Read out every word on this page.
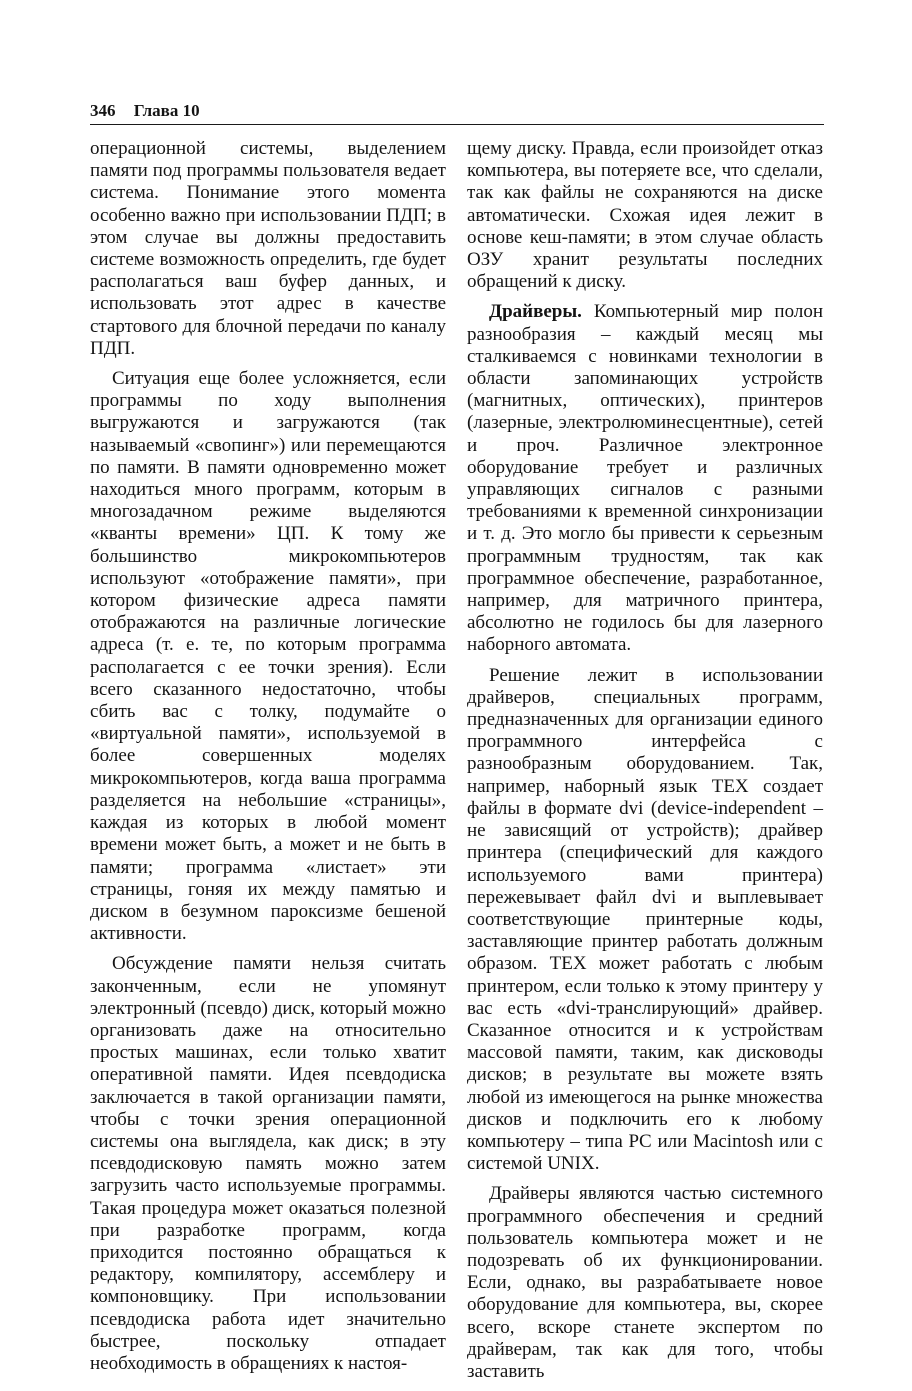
346 Глава 10

операционной системы, выделением памяти под программы пользователя ведает система. Понимание этого момента особенно важно при использовании ПДП; в этом случае вы должны предоставить системе возможность определить, где будет располагаться ваш буфер данных, и использовать этот адрес в качестве стартового для блочной передачи по каналу ПДП.

Ситуация еще более усложняется, если программы по ходу выполнения выгружаются и загружаются (так называемый «свопинг») или перемещаются по памяти. В памяти одновременно может находиться много программ, которым в многозадачном режиме выделяются «кванты времени» ЦП. К тому же большинство микрокомпьютеров используют «отображение памяти», при котором физические адреса памяти отображаются на различные логические адреса (т. е. те, по которым программа располагается с ее точки зрения). Если всего сказанного недостаточно, чтобы сбить вас с толку, подумайте о «виртуальной памяти», используемой в более совершенных моделях микрокомпьютеров, когда ваша программа разделяется на небольшие «страницы», каждая из которых в любой момент времени может быть, а может и не быть в памяти; программа «листает» эти страницы, гоняя их между памятью и диском в безумном пароксизме бешеной активности.

Обсуждение памяти нельзя считать законченным, если не упомянут электронный (псевдо) диск, который можно организовать даже на относительно простых машинах, если только хватит оперативной памяти. Идея псевдодиска заключается в такой организации памяти, чтобы с точки зрения операционной системы она выглядела, как диск; в эту псевдодисковую память можно затем загрузить часто используемые программы. Такая процедура может оказаться полезной при разработке программ, когда приходится постоянно обращаться к редактору, компилятору, ассемблеру и компоновщику. При использовании псевдодиска работа идет значительно быстрее, поскольку отпадает необходимость в обращениях к настоя-

щему диску. Правда, если произойдет отказ компьютера, вы потеряете все, что сделали, так как файлы не сохраняются на диске автоматически. Схожая идея лежит в основе кеш-памяти; в этом случае область ОЗУ хранит результаты последних обращений к диску.

Драйверы. Компьютерный мир полон разнообразия – каждый месяц мы сталкиваемся с новинками технологии в области запоминающих устройств (магнитных, оптических), принтеров (лазерные, электролюминесцентные), сетей и проч. Различное электронное оборудование требует и различных управляющих сигналов с разными требованиями к временной синхронизации и т. д. Это могло бы привести к серьезным программным трудностям, так как программное обеспечение, разработанное, например, для матричного принтера, абсолютно не годилось бы для лазерного наборного автомата.

Решение лежит в использовании драйверов, специальных программ, предназначенных для организации единого программного интерфейса с разнообразным оборудованием. Так, например, наборный язык TEX создает файлы в формате dvi (device-independent – не зависящий от устройств); драйвер принтера (специфический для каждого используемого вами принтера) пережевывает файл dvi и выплевывает соответствующие принтерные коды, заставляющие принтер работать должным образом. TEX может работать с любым принтером, если только к этому принтеру у вас есть «dvi-транслирующий» драйвер. Сказанное относится и к устройствам массовой памяти, таким, как дисководы дисков; в результате вы можете взять любой из имеющегося на рынке множества дисков и подключить его к любому компьютеру – типа PC или Macintosh или с системой UNIX.

Драйверы являются частью системного программного обеспечения и средний пользователь компьютера может и не подозревать об их функционировании. Если, однако, вы разрабатываете новое оборудование для компьютера, вы, скорее всего, вскоре станете экспертом по драйверам, так как для того, чтобы заставить
